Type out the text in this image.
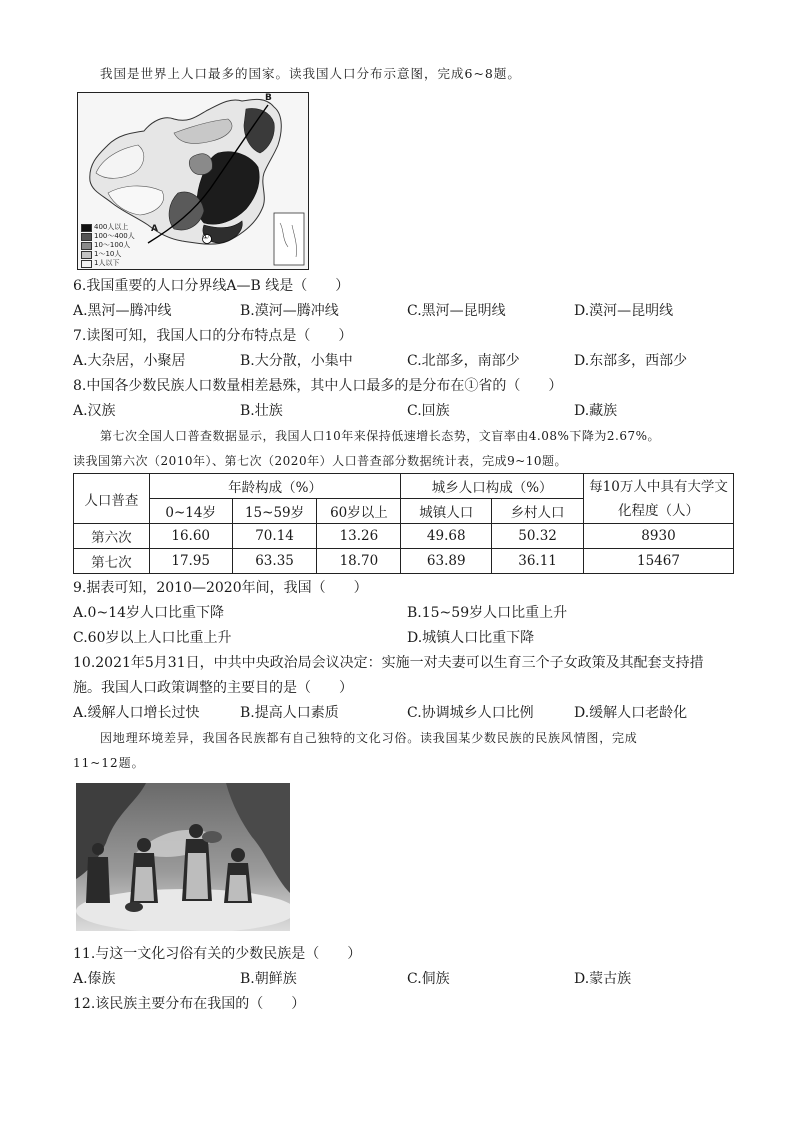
我国是世界上人口最多的国家。读我国人口分布示意图，完成6~8题。
B
A
①
400人以上
100～400人
10～100人
1～10人
1人以下
6.我国重要的人口分界线A—B 线是（　　）
A.黑河—腾冲线	B.漠河—腾冲线	C.黑河—昆明线	D.漠河—昆明线
7.读图可知，我国人口的分布特点是（　　）
A.大杂居，小聚居	B.大分散，小集中	C.北部多，南部少	D.东部多，西部少
8.中国各少数民族人口数量相差悬殊，其中人口最多的是分布在①省的（　　）
A.汉族	B.壮族	C.回族	D.藏族
第七次全国人口普查数据显示，我国人口10年来保持低速增长态势，文盲率由4.08%下降为2.67%。
读我国第六次（2010年）、第七次（2020年）人口普查部分数据统计表，完成9~10题。
人口普查	年龄构成（%）			城乡人口构成（%）		每10万人中具有大学文化程度（人）

	0~14岁	15~59岁	60岁以上	城镇人口	乡村人口	
第六次	16.60	70.14	13.26	49.68	50.32	8930
第七次	17.95	63.35	18.70	63.89	36.11	15467
9.据表可知，2010—2020年间，我国（　　）
A.0~14岁人口比重下降	B.15~59岁人口比重上升
C.60岁以上人口比重上升	D.城镇人口比重下降
10.2021年5月31日，中共中央政治局会议决定：实施一对夫妻可以生育三个子女政策及其配套支持措
施。我国人口政策调整的主要目的是（　　）
A.缓解人口增长过快	B.提高人口素质	C.协调城乡人口比例	D.缓解人口老龄化
因地理环境差异，我国各民族都有自己独特的文化习俗。读我国某少数民族的民族风情图，完成
11~12题。
11.与这一文化习俗有关的少数民族是（　　）
A.傣族	B.朝鲜族	C.侗族	D.蒙古族
12.该民族主要分布在我国的（　　）
